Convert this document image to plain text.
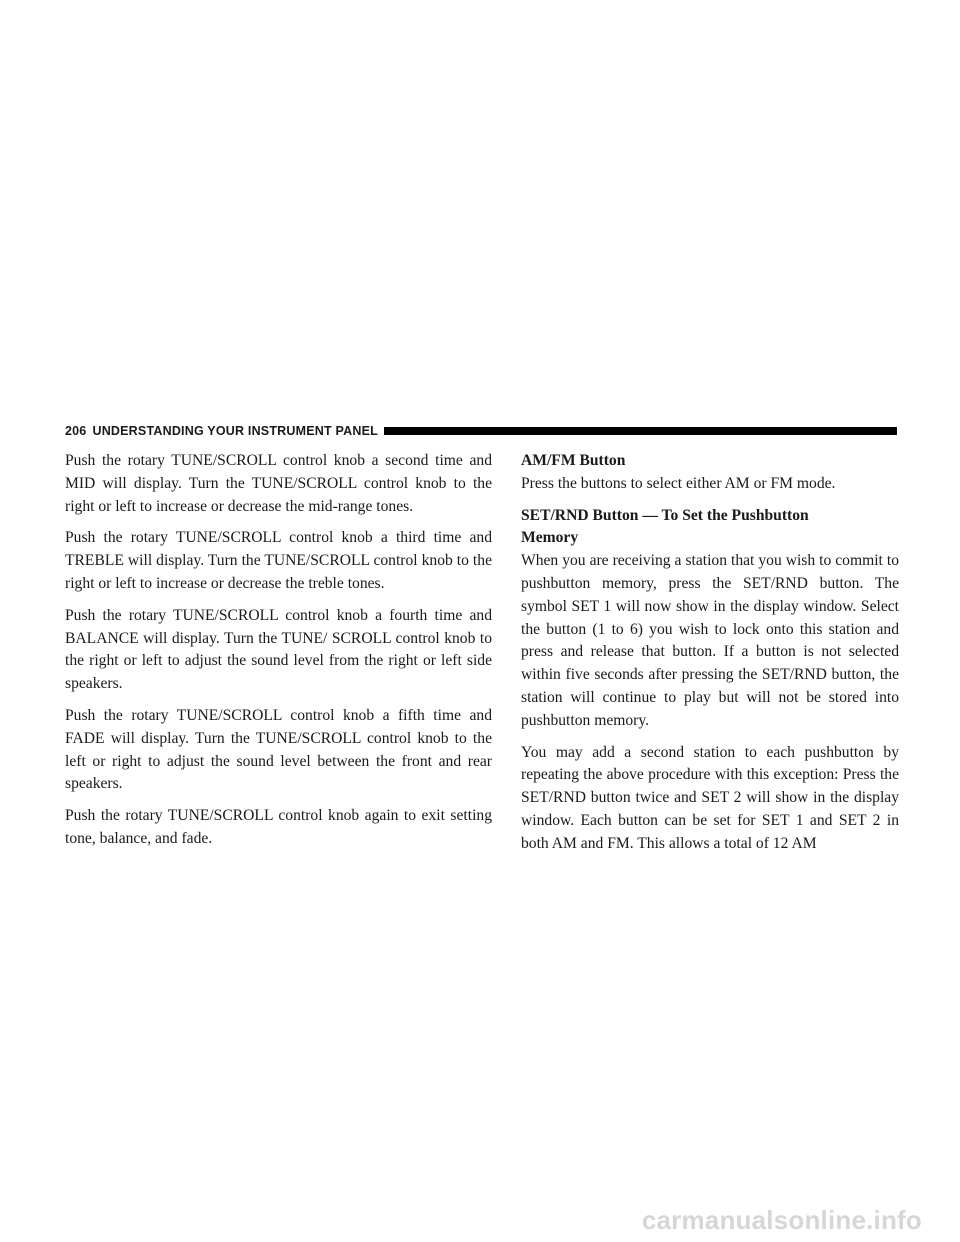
206 UNDERSTANDING YOUR INSTRUMENT PANEL

Push the rotary TUNE/SCROLL control knob a second time and MID will display. Turn the TUNE/SCROLL control knob to the right or left to increase or decrease the mid-range tones.

Push the rotary TUNE/SCROLL control knob a third time and TREBLE will display. Turn the TUNE/SCROLL control knob to the right or left to increase or decrease the treble tones.

Push the rotary TUNE/SCROLL control knob a fourth time and BALANCE will display. Turn the TUNE/ SCROLL control knob to the right or left to adjust the sound level from the right or left side speakers.

Push the rotary TUNE/SCROLL control knob a fifth time and FADE will display. Turn the TUNE/SCROLL control knob to the left or right to adjust the sound level between the front and rear speakers.

Push the rotary TUNE/SCROLL control knob again to exit setting tone, balance, and fade.

AM/FM Button

Press the buttons to select either AM or FM mode.

SET/RND Button — To Set the Pushbutton
Memory

When you are receiving a station that you wish to commit to pushbutton memory, press the SET/RND button. The symbol SET 1 will now show in the display window. Select the button (1 to 6) you wish to lock onto this station and press and release that button. If a button is not selected within five seconds after pressing the SET/RND button, the station will continue to play but will not be stored into pushbutton memory.

You may add a second station to each pushbutton by repeating the above procedure with this exception: Press the SET/RND button twice and SET 2 will show in the display window. Each button can be set for SET 1 and SET 2 in both AM and FM. This allows a total of 12 AM

carmanualsonline.info
